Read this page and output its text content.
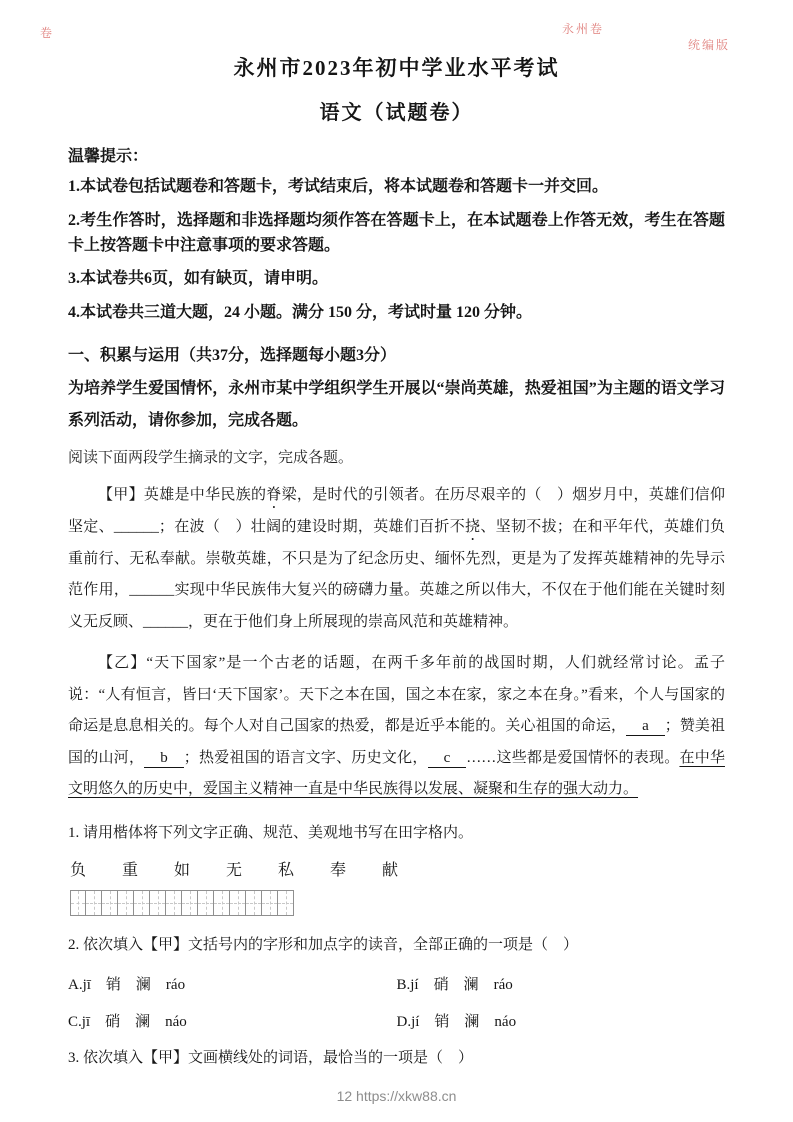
卷	永州卷
统编版
永州市2023年初中学业水平考试
语文（试题卷）

温馨提示：

1.本试卷包括试题卷和答题卡，考试结束后，将本试题卷和答题卡一并交回。

2.考生作答时，选择题和非选择题均须作答在答题卡上，在本试题卷上作答无效，考生在答题卡上按答题卡中注意事项的要求答题。

3.本试卷共6页，如有缺页，请申明。

4.本试卷共三道大题，24 小题。满分 150 分，考试时量 120 分钟。

一、积累与运用（共37分，选择题每小题3分）

为培养学生爱国情怀，永州市某中学组织学生开展以“崇尚英雄，热爱祖国”为主题的语文学习系列活动，请你参加，完成各题。

阅读下面两段学生摘录的文字，完成各题。

【甲】英雄是中华民族的脊梁，是时代的引领者。在历尽艰辛的（　）烟岁月中，英雄们信仰坚定、______；在波（　）壮阔的建设时期，英雄们百折不挠、坚韧不拔；在和平年代，英雄们负重前行、无私奉献。崇敬英雄，不只是为了纪念历史、缅怀先烈，更是为了发挥英雄精神的先导示范作用，______实现中华民族伟大复兴的磅礴力量。英雄之所以伟大，不仅在于他们能在关键时刻义无反顾、______，更在于他们身上所展现的崇高风范和英雄精神。

【乙】“天下国家”是一个古老的话题，在两千多年前的战国时期，人们就经常讨论。孟子说：“人有恒言，皆曰‘天下国家’。天下之本在国，国之本在家，家之本在身。”看来，个人与国家的命运是息息相关的。每个人对自己国家的热爱，都是近乎本能的。关心祖国的命运， a ；赞美祖国的山河， b ；热爱祖国的语言文字、历史文化， c ……这些都是爱国情怀的表现。在中华文明悠久的历史中，爱国主义精神一直是中华民族得以发展、凝聚和生存的强大动力。

1. 请用楷体将下列文字正确、规范、美观地书写在田字格内。

负 重 如 无 私 奉 献

2. 依次填入【甲】文括号内的字形和加点字的读音，全部正确的一项是（　）

A.jī　销　澜　ráo	B.jí　硝　澜　ráo
C.jī　硝　澜　náo	D.jí　销　澜　náo

3. 依次填入【甲】文画横线处的词语，最恰当的一项是（　）

12 https://xkw88.cn
